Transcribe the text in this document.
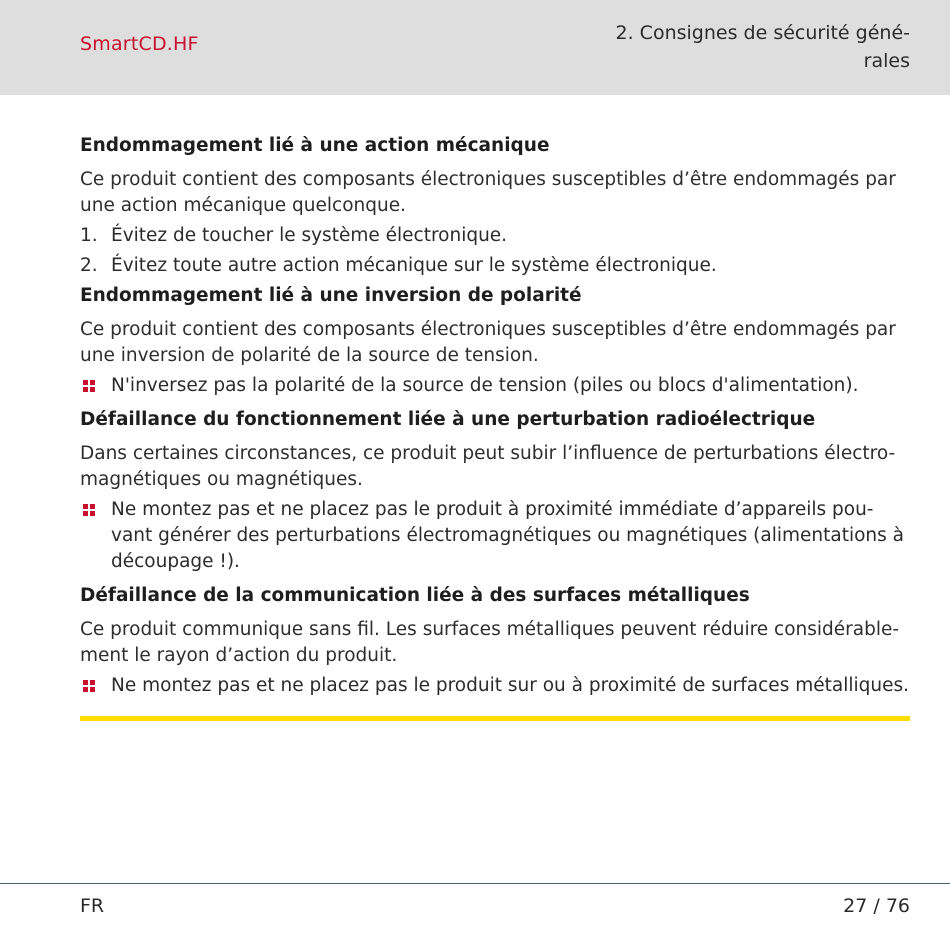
SmartCD.HF	2. Consignes de sécurité géné-
rales
Endommagement lié à une action mécanique
Ce produit contient des composants électroniques susceptibles d’être endommagés par
une action mécanique quelconque.
1. Évitez de toucher le système électronique.
2. Évitez toute autre action mécanique sur le système électronique.
Endommagement lié à une inversion de polarité
Ce produit contient des composants électroniques susceptibles d’être endommagés par
une inversion de polarité de la source de tension.
N'inversez pas la polarité de la source de tension (piles ou blocs d'alimentation).
Défaillance du fonctionnement liée à une perturbation radioélectrique
Dans certaines circonstances, ce produit peut subir l’influence de perturbations électro-
magnétiques ou magnétiques.
Ne montez pas et ne placez pas le produit à proximité immédiate d’appareils pou-
vant générer des perturbations électromagnétiques ou magnétiques (alimentations à
découpage !).
Défaillance de la communication liée à des surfaces métalliques
Ce produit communique sans fil. Les surfaces métalliques peuvent réduire considérable-
ment le rayon d’action du produit.
Ne montez pas et ne placez pas le produit sur ou à proximité de surfaces métalliques.
FR	27 / 76
